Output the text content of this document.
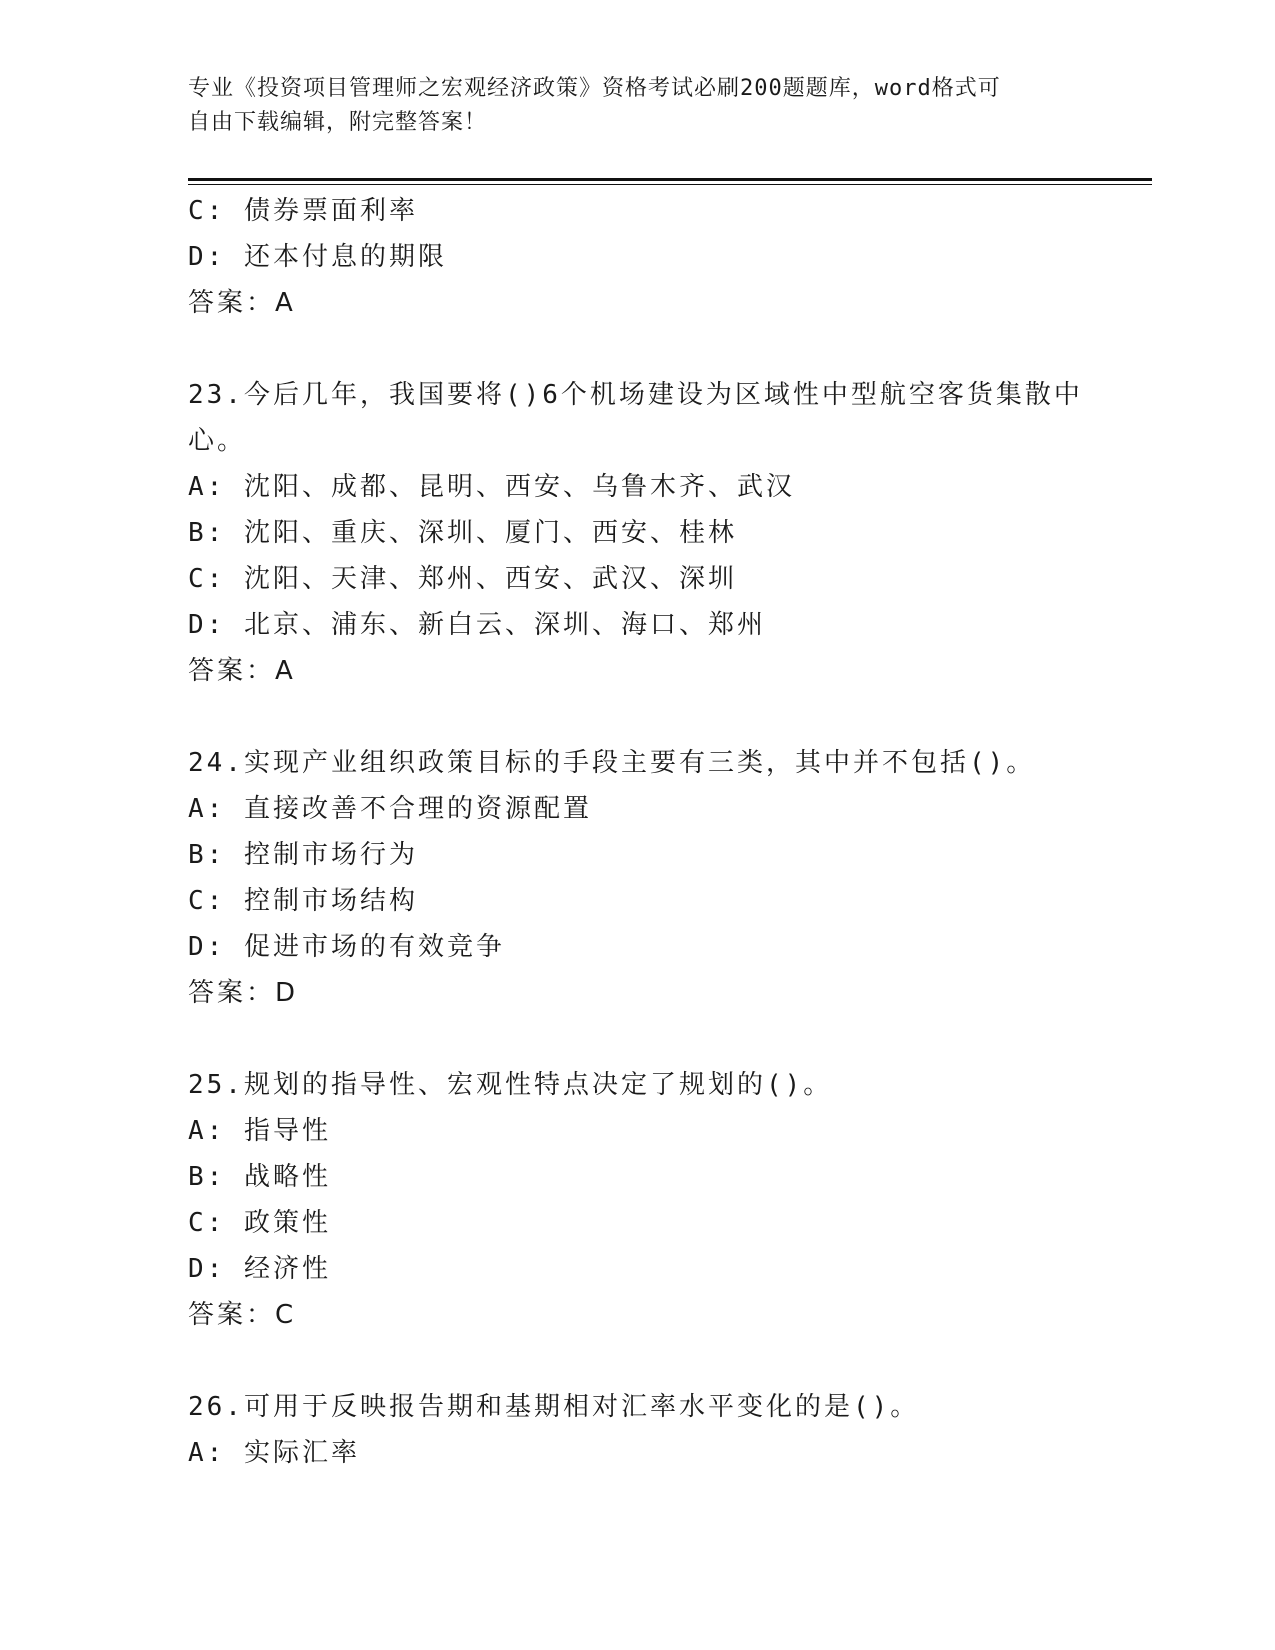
专业《投资项目管理师之宏观经济政策》资格考试必刷200题题库，word格式可
自由下载编辑，附完整答案！
C: 债券票面利率
D: 还本付息的期限
答案：A
23.今后几年，我国要将()6个机场建设为区域性中型航空客货集散中
心。
A: 沈阳、成都、昆明、西安、乌鲁木齐、武汉
B: 沈阳、重庆、深圳、厦门、西安、桂林
C: 沈阳、天津、郑州、西安、武汉、深圳
D: 北京、浦东、新白云、深圳、海口、郑州
答案：A
24.实现产业组织政策目标的手段主要有三类，其中并不包括()。
A: 直接改善不合理的资源配置
B: 控制市场行为
C: 控制市场结构
D: 促进市场的有效竞争
答案：D
25.规划的指导性、宏观性特点决定了规划的()。
A: 指导性
B: 战略性
C: 政策性
D: 经济性
答案：C
26.可用于反映报告期和基期相对汇率水平变化的是()。
A: 实际汇率
